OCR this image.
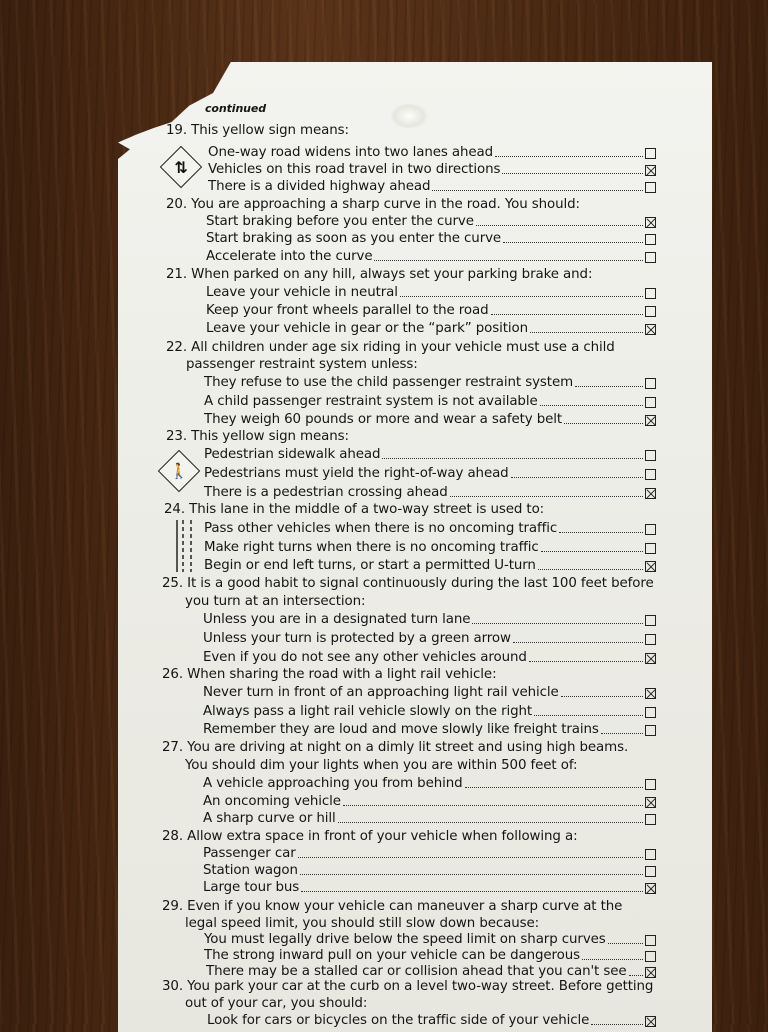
continued
⇅
🚶
19. This yellow sign means:
One-way road widens into two lanes ahead
Vehicles on this road travel in two directions
There is a divided highway ahead
20. You are approaching a sharp curve in the road. You should:
Start braking before you enter the curve
Start braking as soon as you enter the curve
Accelerate into the curve
21. When parked on any hill, always set your parking brake and:
Leave your vehicle in neutral
Keep your front wheels parallel to the road
Leave your vehicle in gear or the “park” position
22. All children under age six riding in your vehicle must use a child
passenger restraint system unless:
They refuse to use the child passenger restraint system
A child passenger restraint system is not available
They weigh 60 pounds or more and wear a safety belt
23. This yellow sign means:
Pedestrian sidewalk ahead
Pedestrians must yield the right-of-way ahead
There is a pedestrian crossing ahead
24. This lane in the middle of a two-way street is used to:
Pass other vehicles when there is no oncoming traffic
Make right turns when there is no oncoming traffic
Begin or end left turns, or start a permitted U-turn
25. It is a good habit to signal continuously during the last 100 feet before
you turn at an intersection:
Unless you are in a designated turn lane
Unless your turn is protected by a green arrow
Even if you do not see any other vehicles around
26. When sharing the road with a light rail vehicle:
Never turn in front of an approaching light rail vehicle
Always pass a light rail vehicle slowly on the right
Remember they are loud and move slowly like freight trains
27. You are driving at night on a dimly lit street and using high beams.
You should dim your lights when you are within 500 feet of:
A vehicle approaching you from behind
An oncoming vehicle
A sharp curve or hill
28. Allow extra space in front of your vehicle when following a:
Passenger car
Station wagon
Large tour bus
29. Even if you know your vehicle can maneuver a sharp curve at the
legal speed limit, you should still slow down because:
You must legally drive below the speed limit on sharp curves
The strong inward pull on your vehicle can be dangerous
There may be a stalled car or collision ahead that you can't see
30. You park your car at the curb on a level two-way street. Before getting
out of your car, you should:
Look for cars or bicycles on the traffic side of your vehicle
